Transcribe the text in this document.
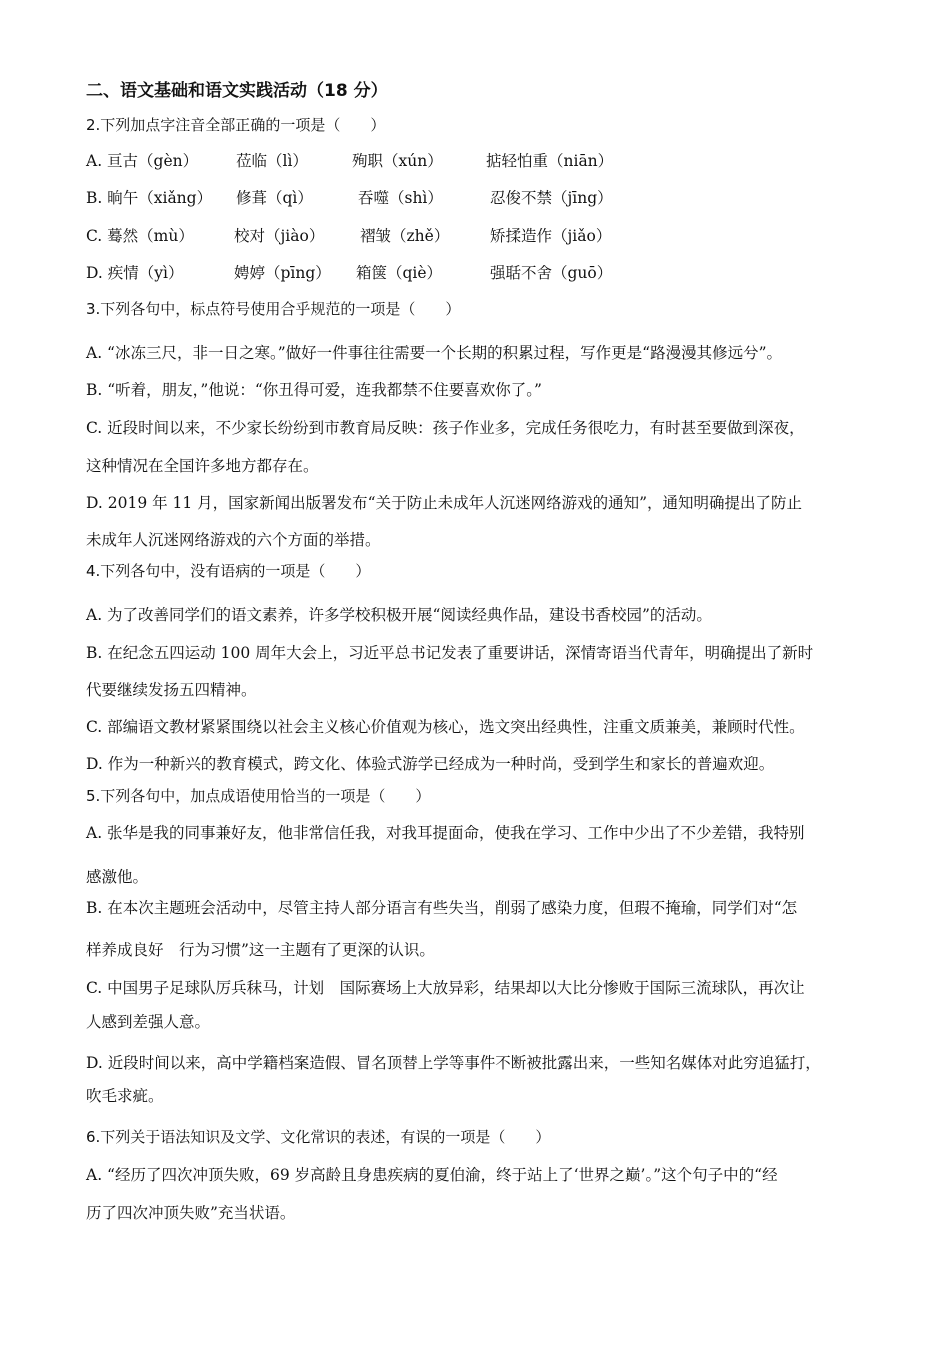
二、语文基础和语文实践活动（18 分）
2.下列加点字注音全部正确的一项是（　　）
A. 亘古（gèn） 莅临（lì）	殉职（xún）	掂轻怕重（niān）
B. 晌午（xiǎng） 修葺（qì）	吞噬（shì）	忍俊不禁（jīng）
C. 蓦然（mù）	校对（jiào） 褶皱（zhě）	矫揉造作（jiǎo）
D. 疾情（yì）	娉婷（pīng） 箱箧（qiè）	强聒不舍（guō）
3.下列各句中，标点符号使用合乎规范的一项是（　　）
A. “冰冻三尺，非一日之寒。”做好一件事往往需要一个长期的积累过程，写作更是“路漫漫其修远兮”。
B. “听着，朋友，”他说：“你丑得可爱，连我都禁不住要喜欢你了。”
C. 近段时间以来，不少家长纷纷到市教育局反映：孩子作业多，完成任务很吃力，有时甚至要做到深夜，
这种情况在全国许多地方都存在。
D. 2019 年 11 月，国家新闻出版署发布“关于防止未成年人沉迷网络游戏的通知”，通知明确提出了防止
未成年人沉迷网络游戏的六个方面的举措。
4.下列各句中，没有语病的一项是（　　）
A. 为了改善同学们的语文素养，许多学校积极开展“阅读经典作品，建设书香校园”的活动。
B. 在纪念五四运动 100 周年大会上，习近平总书记发表了重要讲话，深情寄语当代青年，明确提出了新时
代要继续发扬五四精神。
C. 部编语文教材紧紧围绕以社会主义核心价值观为核心，选文突出经典性，注重文质兼美，兼顾时代性。
D. 作为一种新兴的教育模式，跨文化、体验式游学已经成为一种时尚，受到学生和家长的普遍欢迎。
5.下列各句中，加点成语使用恰当的一项是（　　）
A. 张华是我的同事兼好友，他非常信任我，对我耳提面命，使我在学习、工作中少出了不少差错，我特别
感激他。
B. 在本次主题班会活动中，尽管主持人部分语言有些失当，削弱了感染力度，但瑕不掩瑜，同学们对“怎
样养成良好　行为习惯”这一主题有了更深的认识。
C. 中国男子足球队厉兵秣马，计划　国际赛场上大放异彩，结果却以大比分惨败于国际三流球队，再次让
人感到差强人意。
D. 近段时间以来，高中学籍档案造假、冒名顶替上学等事件不断被批露出来，一些知名媒体对此穷追猛打，
吹毛求疵。
6.下列关于语法知识及文学、文化常识的表述，有误的一项是（　　）
A. “经历了四次冲顶失败，69 岁高龄且身患疾病的夏伯渝，终于站上了‘世界之巅’。”这个句子中的“经
历了四次冲顶失败”充当状语。
